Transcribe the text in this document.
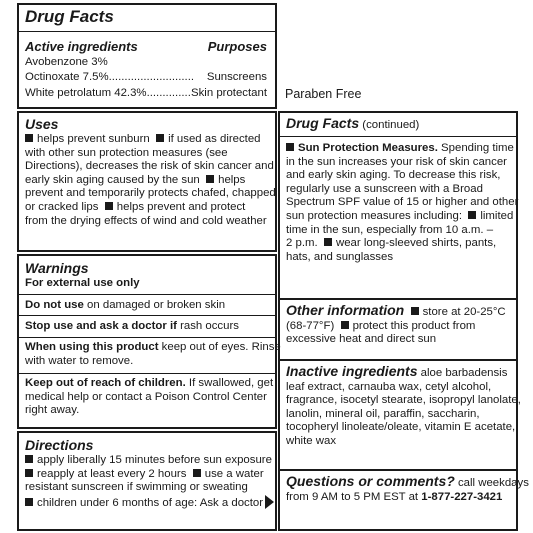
Drug Facts
Active ingredients	Purposes
Avobenzone 3%
Octinoxate 7.5%........................... Sunscreens
White petrolatum 42.3%.............. Skin protectant Paraben Free
Uses
helps prevent sunburn if used as directed
with other sun protection measures (see
Directions), decreases the risk of skin cancer and
early skin aging caused by the sun helps
prevent and temporarily protects chafed, chapped
or cracked lips helps prevent and protect
from the drying effects of wind and cold weather
Warnings
For external use only
Do not use on damaged or broken skin
Stop use and ask a doctor if rash occurs
When using this product keep out of eyes. Rinse
with water to remove.
Keep out of reach of children. If swallowed, get
medical help or contact a Poison Control Center
right away.
Directions
apply liberally 15 minutes before sun exposure
reapply at least every 2 hours use a water
resistant sunscreen if swimming or sweating
children under 6 months of age: Ask a doctor
Drug Facts (continued)
Sun Protection Measures. Spending time
in the sun increases your risk of skin cancer
and early skin aging. To decrease this risk,
regularly use a sunscreen with a Broad
Spectrum SPF value of 15 or higher and other
sun protection measures including: limited
time in the sun, especially from 10 a.m. –
2 p.m. wear long-sleeved shirts, pants,
hats, and sunglasses
Other information store at 20-25°C
(68-77°F) protect this product from
excessive heat and direct sun
Inactive ingredients aloe barbadensis
leaf extract, carnauba wax, cetyl alcohol,
fragrance, isocetyl stearate, isopropyl lanolate,
lanolin, mineral oil, paraffin, saccharin,
tocopheryl linoleate/oleate, vitamin E acetate,
white wax
Questions or comments? call weekdays
from 9 AM to 5 PM EST at 1-877-227-3421
